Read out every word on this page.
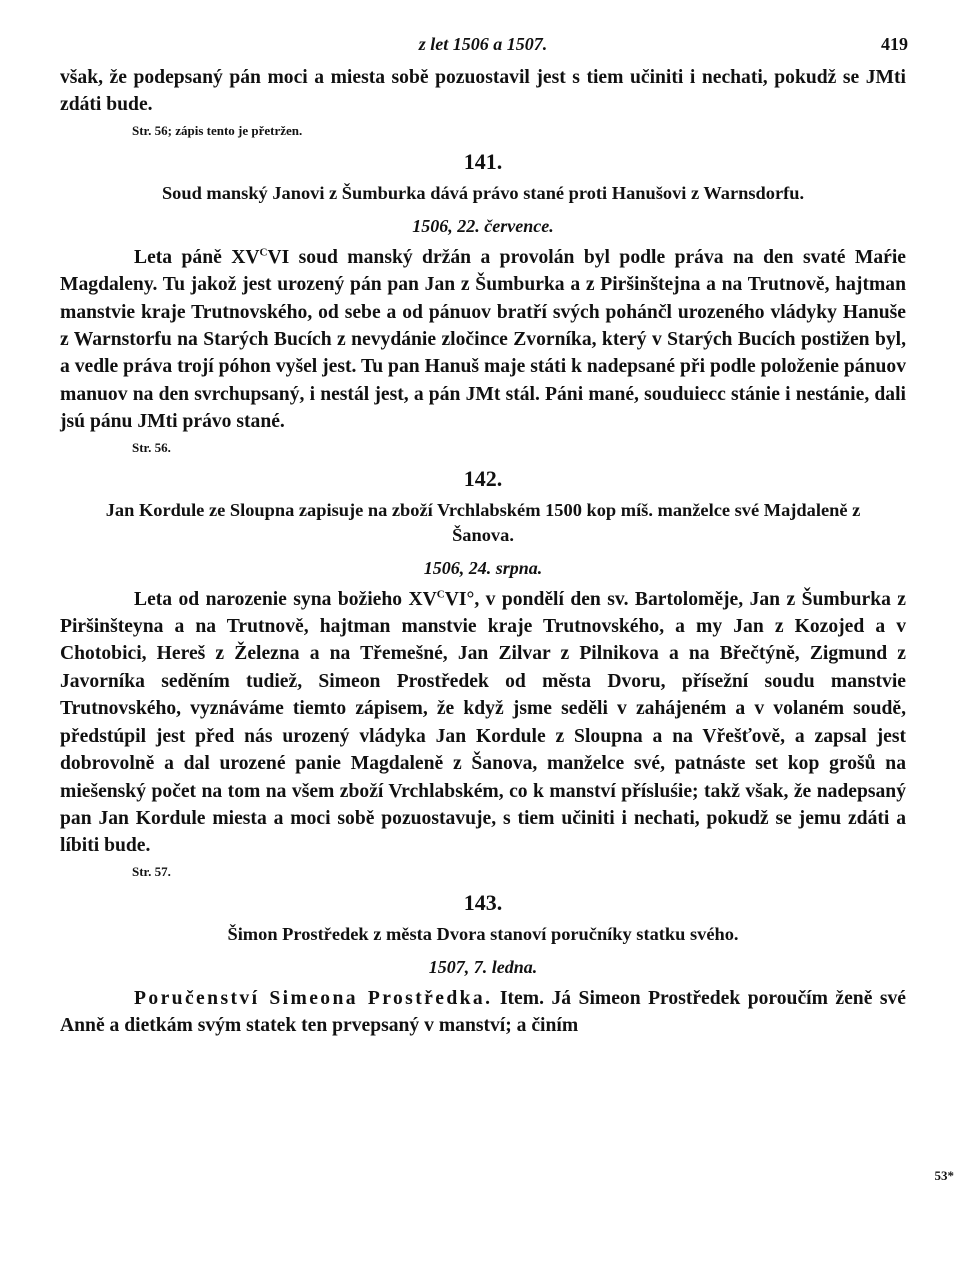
z let 1506 a 1507.	419

však, že podepsaný pán moci a miesta sobě pozuostavil jest s tiem učiniti i nechati, pokudž se JMti zdáti bude.

Str. 56; zápis tento je přetržen.
141.
Soud manský Janovi z Šumburka dává právo stané proti Hanušovi z Warnsdorfu.
1506, 22. července.

Leta páně $XV^CVI$ soud manský držán a provolán byl podle práva na den svaté Maŕie Magdaleny. Tu jakož jest urozený pán pan Jan z Šumburka a z Piršinštejna a na Trutnově, hajtman manstvie kraje Trutnovského, od sebe a od pánuov bratří svých pohánčl urozeného vládyky Hanuše z Warnstorfu na Starých Bucích z nevydánie zločince Zvorníka, který v Starých Bucích postižen byl, a vedle práva trojí póhon vyšel jest. Tu pan Hanuš maje státi k nadepsané při podle položenie pánuov manuov na den svrchupsaný, i nestál jest, a pán JMt stál. Páni mané, souduiecc stánie i nestánie, dali jsú pánu JMti právo stané.

Str. 56.
142.
Jan Kordule ze Sloupna zapisuje na zboží Vrchlabském 1500 kop míš. manželce své Majdaleně z Šanova.
1506, 24. srpna.

Leta od narozenie syna božieho $XV^CVI^\circ$, v pondělí den sv. Bartoloměje, Jan z Šumburka z Piršinšteyna a na Trutnově, hajtman manstvie kraje Trutnovského, a my Jan z Kozojed a v Chotobici, Hereš z Železna a na Třemešné, Jan Zilvar z Pilnikova a na Břečtýně, Zigmund z Javorníka seděním tudiež, Simeon Prostředek od města Dvoru, přísežní soudu manstvie Trutnovského, vyznáváme tiemto zápisem, že když jsme seděli v zahájeném a v volaném soudě, předstúpil jest před nás urozený vládyka Jan Kordule z Sloupna a na Vřešťově, a zapsal jest dobrovolně a dal urozené panie Magdaleně z Šanova, manželce své, patnáste set kop grošů na miešenský počet na tom na všem zboží Vrchlabském, co k manství přísluśie; takž však, že nadepsaný pan Jan Kordule miesta a moci sobě pozuostavuje, s tiem učiniti i nechati, pokudž se jemu zdáti a líbiti bude.

Str. 57.
143.
Šimon Prostředek z města Dvora stanoví poručníky statku svého.
1507, 7. ledna.

Poručenství Simeona Prostředka. Item. Já Simeon Prostředek poroučím ženě své Anně a dietkám svým statek ten prvepsaný v manství; a činím

53*
